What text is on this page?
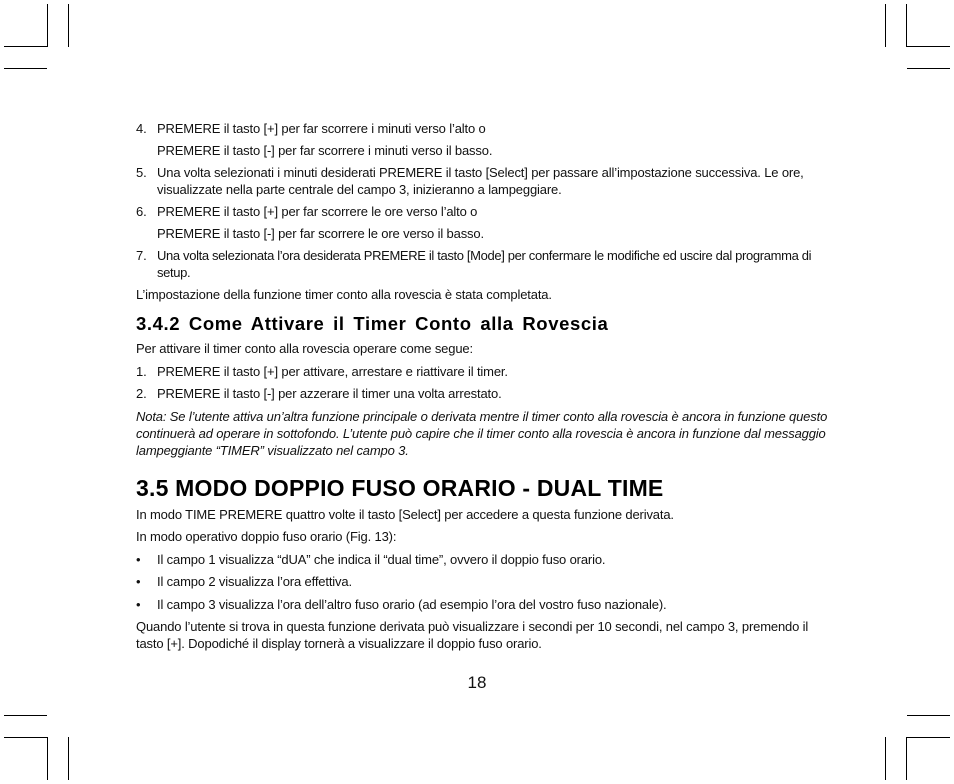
4. PREMERE il tasto [+] per far scorrere i minuti verso l’alto o
PREMERE il tasto [-] per far scorrere i minuti verso il basso.
5. Una volta selezionati i minuti desiderati PREMERE il tasto [Select] per passare all’impostazione successiva. Le ore, visualizzate nella parte centrale del campo 3, inizieranno a lampeggiare.
6. PREMERE il tasto [+] per far scorrere le ore verso l’alto o
PREMERE il tasto [-] per far scorrere le ore verso il basso.
7. Una volta selezionata l’ora desiderata PREMERE il tasto [Mode] per confermare le modifiche ed uscire dal programma di setup.
L’impostazione della funzione timer conto alla rovescia è stata completata.
3.4.2 Come Attivare il Timer Conto alla Rovescia
Per attivare il timer conto alla rovescia operare come segue:
1. PREMERE il tasto [+] per attivare, arrestare e riattivare il timer.
2. PREMERE il tasto [-] per azzerare il timer una volta arrestato.
Nota: Se l’utente attiva un’altra funzione principale o derivata mentre il timer conto alla rovescia è ancora in funzione questo continuerà ad operare in sottofondo. L’utente può capire che il timer conto alla rovescia è ancora in funzione dal messaggio lampeggiante “TIMER” visualizzato nel campo 3.
3.5 MODO DOPPIO FUSO ORARIO - DUAL TIME
In modo TIME PREMERE quattro volte il tasto [Select] per accedere a questa funzione derivata.
In modo operativo doppio fuso orario (Fig. 13):
•	Il campo 1 visualizza “dUA” che indica il “dual time”, ovvero il doppio fuso orario.
•	Il campo 2 visualizza l’ora effettiva.
•	Il campo 3 visualizza l’ora dell’altro fuso orario (ad esempio l’ora del vostro fuso nazionale).
Quando l’utente si trova in questa funzione derivata può visualizzare i secondi per 10 secondi, nel campo 3, premendo il tasto [+]. Dopodiché il display tornerà a visualizzare il doppio fuso orario.
18
